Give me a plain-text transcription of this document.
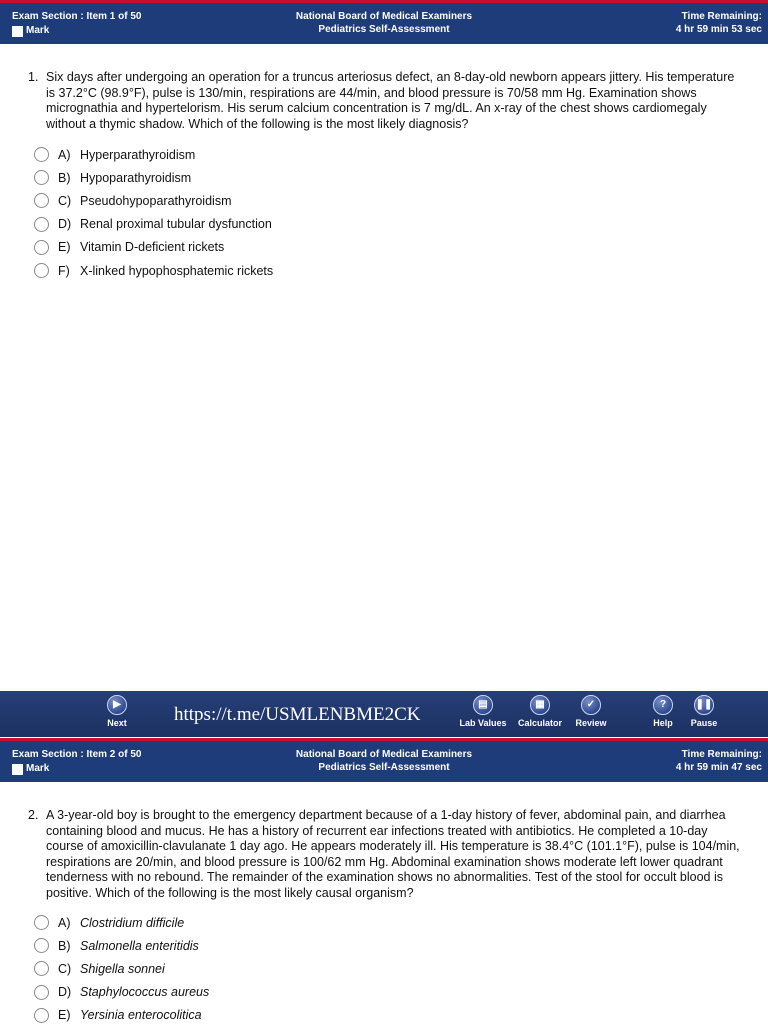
Exam Section : Item 1 of 50
Mark
National Board of Medical Examiners
Pediatrics Self-Assessment
Time Remaining:
4 hr 59 min 53 sec
1. Six days after undergoing an operation for a truncus arteriosus defect, an 8-day-old newborn appears jittery. His temperature is 37.2°C (98.9°F), pulse is 130/min, respirations are 44/min, and blood pressure is 70/58 mm Hg. Examination shows micrognathia and hypertelorism. His serum calcium concentration is 7 mg/dL. An x-ray of the chest shows cardiomegaly without a thymic shadow. Which of the following is the most likely diagnosis?
A) Hyperparathyroidism
B) Hypoparathyroidism
C) Pseudohypoparathyroidism
D) Renal proximal tubular dysfunction
E) Vitamin D-deficient rickets
F) X-linked hypophosphatemic rickets
▶
Next
▤
Lab Values
▦
Calculator
✓
Review
?
Help
❚❚
Pause
https://t.me/USMLENBME2CK
Exam Section : Item 2 of 50
Mark
National Board of Medical Examiners
Pediatrics Self-Assessment
Time Remaining:
4 hr 59 min 47 sec
2. A 3-year-old boy is brought to the emergency department because of a 1-day history of fever, abdominal pain, and diarrhea containing blood and mucus. He has a history of recurrent ear infections treated with antibiotics. He completed a 10-day course of amoxicillin-clavulanate 1 day ago. He appears moderately ill. His temperature is 38.4°C (101.1°F), pulse is 104/min, respirations are 20/min, and blood pressure is 100/62 mm Hg. Abdominal examination shows moderate left lower quadrant tenderness with no rebound. The remainder of the examination shows no abnormalities. Test of the stool for occult blood is positive. Which of the following is the most likely causal organism?
A) Clostridium difficile
B) Salmonella enteritidis
C) Shigella sonnei
D) Staphylococcus aureus
E) Yersinia enterocolitica
